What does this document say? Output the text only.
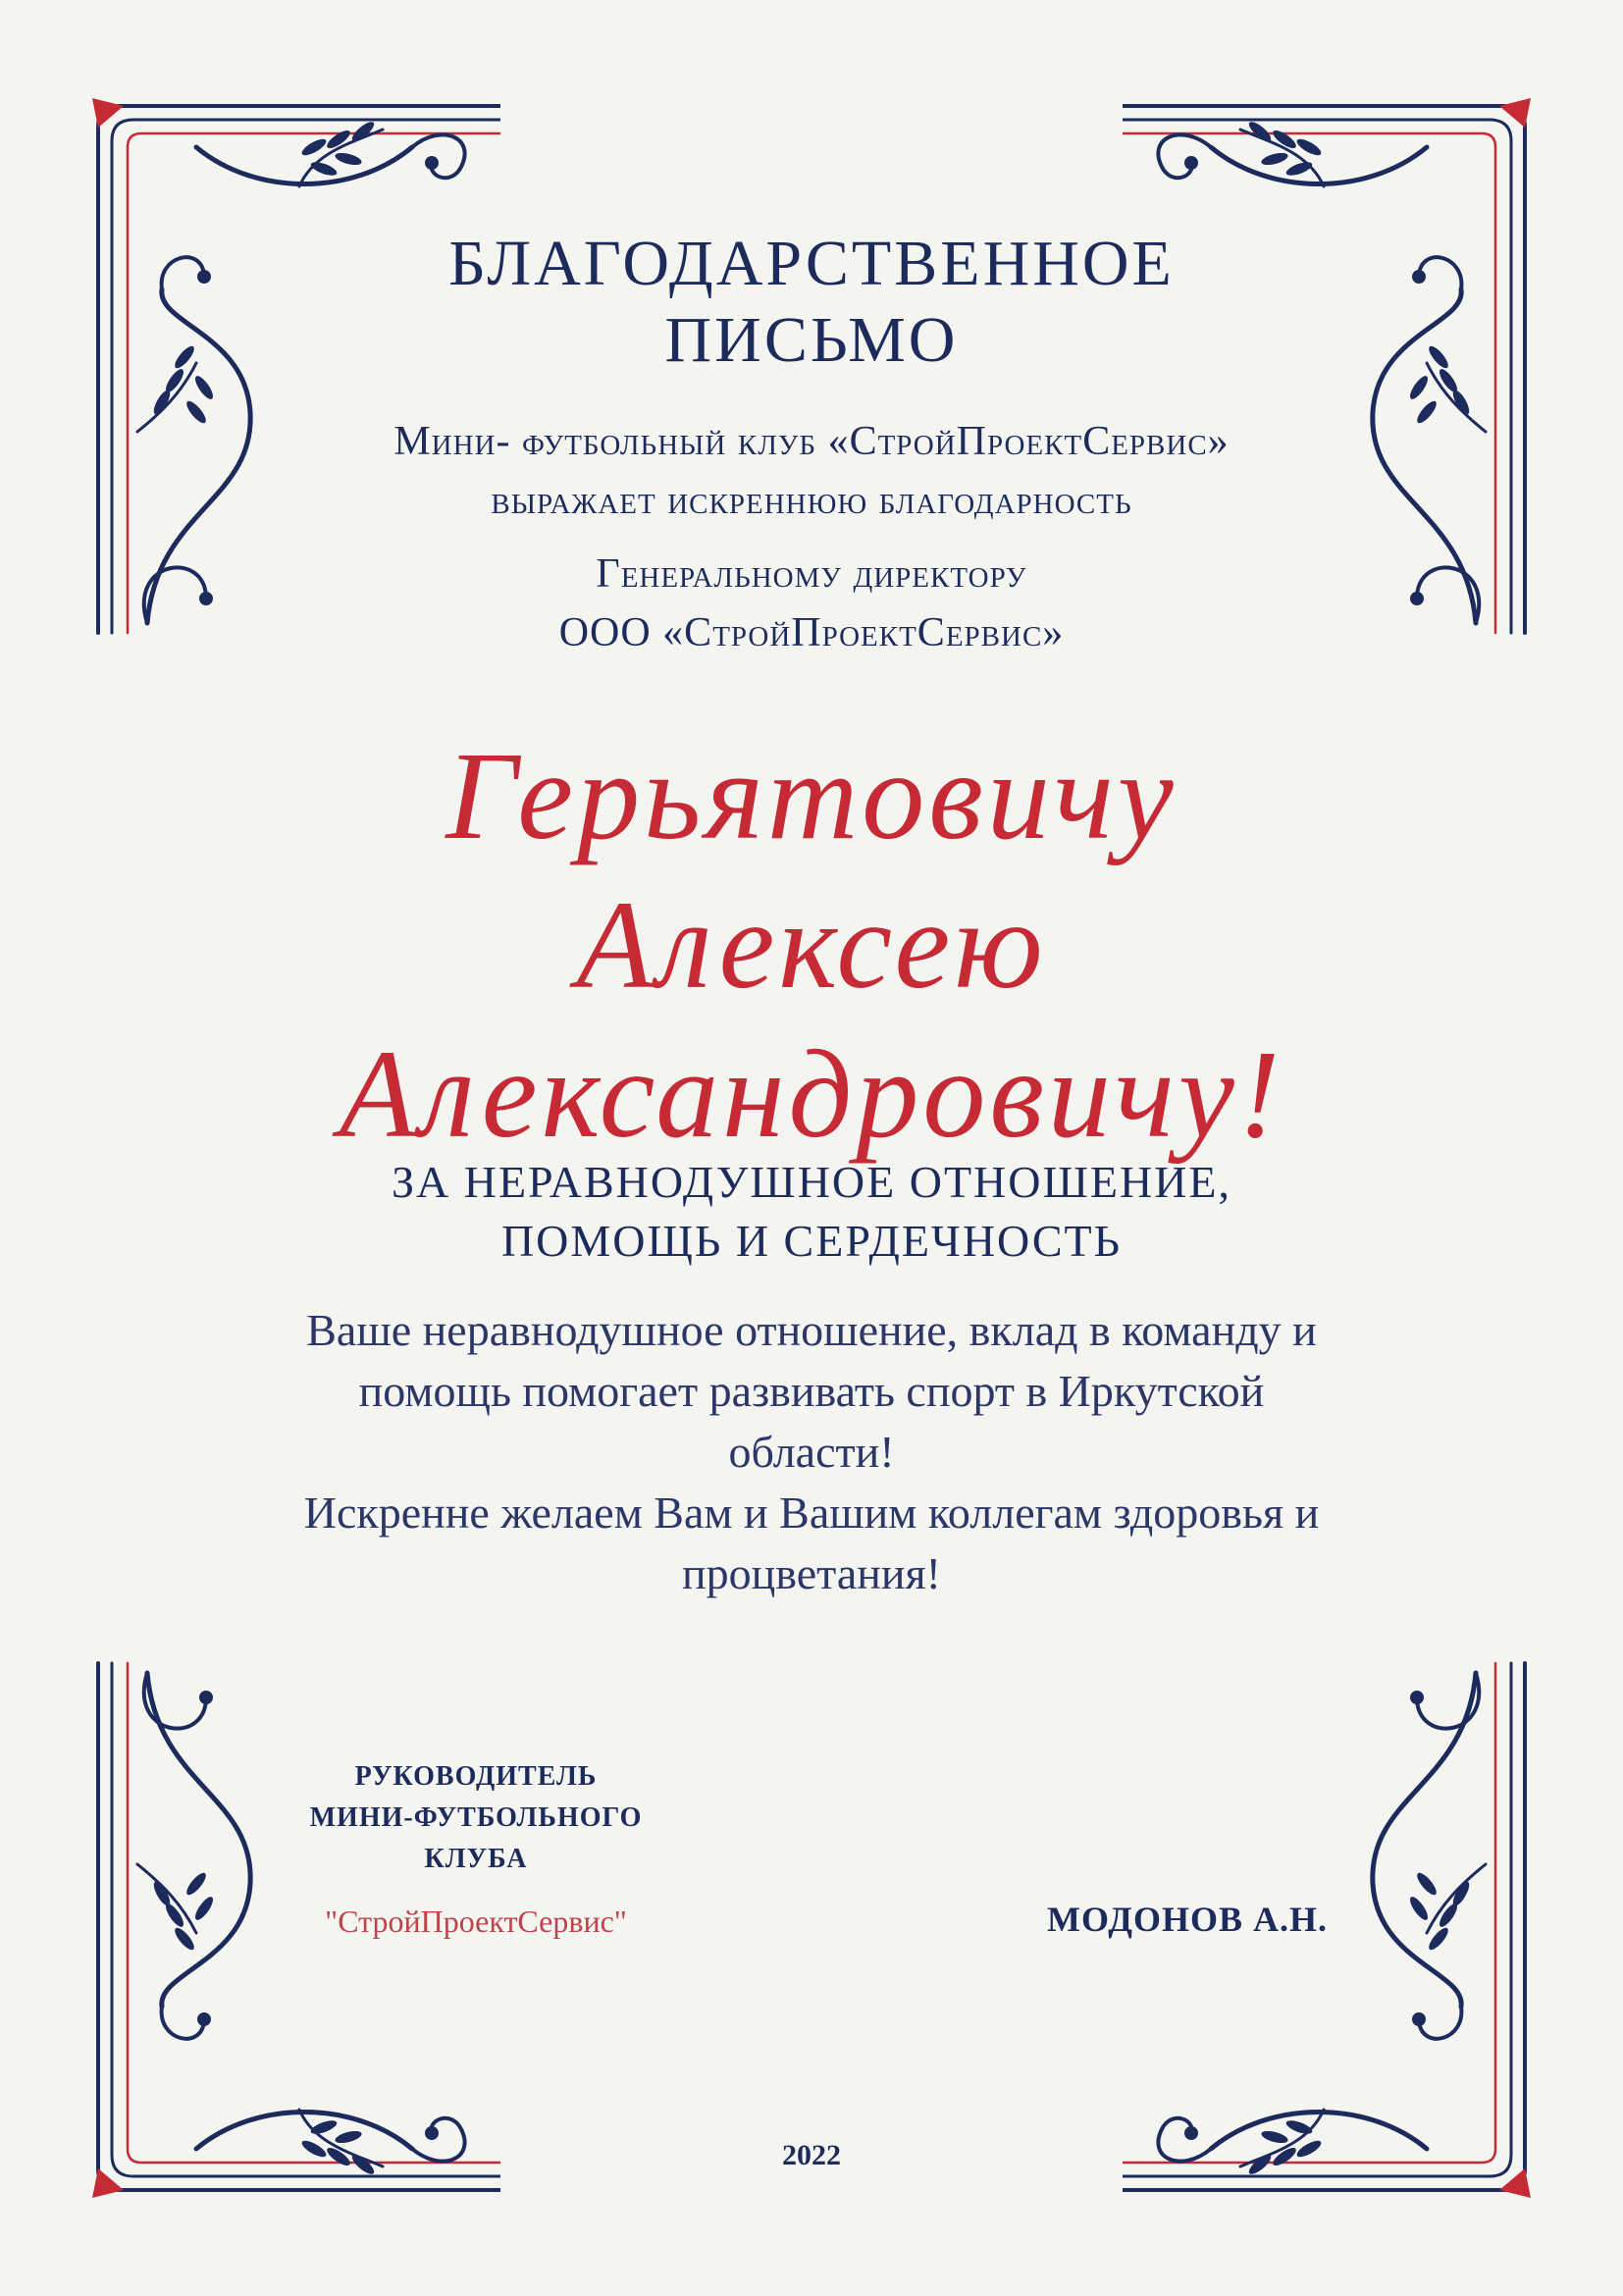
БЛАГОДАРСТВЕННОЕ
ПИСЬМО
Мини- футбольный клуб «СтройПроектСервис»
выражает искреннюю благодарность
Генеральному директору
ООО «СтройПроектСервис»
Герьятовичу
Алексею
Александровичу!
ЗА НЕРАВНОДУШНОЕ ОТНОШЕНИЕ,
ПОМОЩЬ И СЕРДЕЧНОСТЬ
Ваше неравнодушное отношение, вклад в команду и
помощь помогает развивать спорт в Иркутской
области!
Искренне желаем Вам и Вашим коллегам здоровья и
процветания!
РУКОВОДИТЕЛЬ
МИНИ-ФУТБОЛЬНОГО
КЛУБА
"СтройПроектСервис"	МОДОНОВ А.Н.
2022
